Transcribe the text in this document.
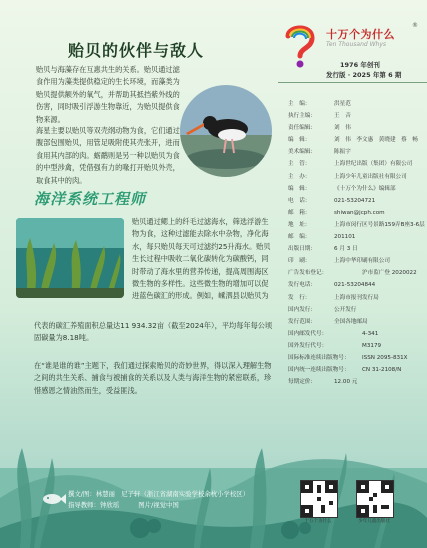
贻贝的伙伴与敌人

贻贝与海藻存在互惠共生的关系。贻贝通过滤食作用为藻类提供稳定的生长环境，而藻类为贻贝提供额外的氧气，并帮助其抵挡紫外线的伤害，同时吸引浮游生物靠近，为贻贝提供食物来源。

海星主要以贻贝等双壳纲动物为食，它们通过腹部包围贻贝，用管足吸附使其壳张开，进而食用其内部的肉。蛎鹬则是另一种以贻贝为食的中型涉禽，凭借强有力的喙打开贻贝外壳，取食其中的肉。

海洋系统工程师

贻贝通过鳃上的纤毛过滤海水，筛选浮游生物为食，这种过滤能去除水中杂物，净化海水，每只贻贝每天可过滤约25升海水。贻贝生长过程中吸收二氧化碳转化为碳酸钙，同时带动了海水里的营养传递，提高周围海区微生物的多样性。这些微生物的增加可以促进蓝色碳汇的形成。例如，嵊泗县以贻贝为

代表的碳汇养殖面积总量达11 934.32亩（截至2024年），平均每年每公顷固碳量为8.18吨。

在“谁是谁的谁”主题下，我们通过探索贻贝的奇妙世界，得以深入理解生物之间的共生关系、捕食与被捕食的关系以及人类与海洋生物的紧密联系，珍惜感恩之情油然而生，受益匪浅。

十万个为什么
Ten Thousand Whys
®
1976 年创刊
发行版 · 2025 年第 6 期
主　编：	洪星范
执行主编：	王　音
责任编辑：	刘　伟
编　辑：	刘　伟　李文惠　黄晓建　蔡　畅
美术编辑：	陈振宇
主　管：	上海世纪出版（集团）有限公司
主　办：	上海少年儿童出版社有限公司
编　辑：	《十万个为什么》编辑部
电　话：	021-53204721
邮　箱：	shiwan@jcph.com
地　址：	上海市闵行区号景路159弄B座3-6层
邮　编：	201101
出版日期：	6 月 3 日
印　刷：	上海中华印刷有限公司
广告发布登记：	沪市监广登 2020022
发行电话：	021-53204844
发　行：	上海市报刊发行局
国内发行：	公开发行
发行范围：	全国各地邮局
国内邮发代号：	4-341
国外发行代号：	M3179
国际标准连续出版物号：	ISSN 2095-831X
国内统一连续出版物号：	CN 31-2108/N
每期定价：	12.00 元
十万个为什么	少年儿童出版社
撰文/图：林慧丽　尼子轩（浙江省湖南实验学校余杭小学校区）
指导教师：钟欣瑶　　　图片/视觉中国
